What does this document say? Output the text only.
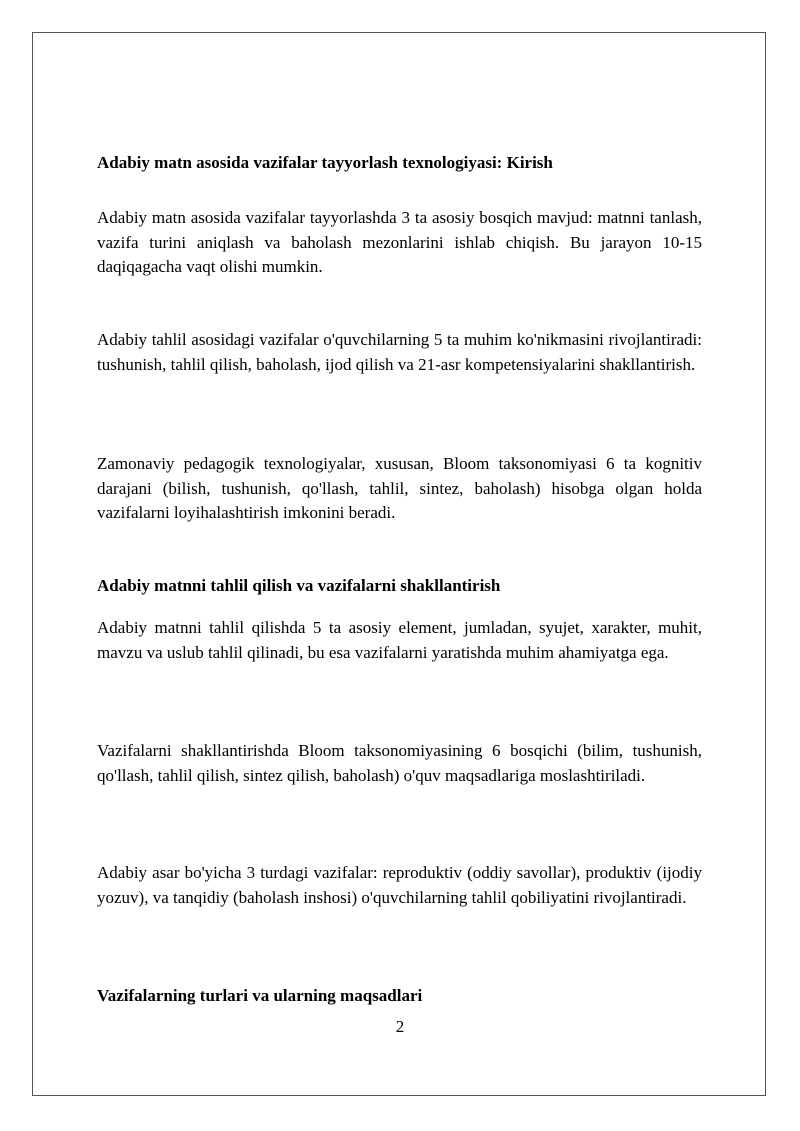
Adabiy matn asosida vazifalar tayyorlash texnologiyasi: Kirish

Adabiy matn asosida vazifalar tayyorlashda 3 ta asosiy bosqich mavjud: matnni tanlash, vazifa turini aniqlash va baholash mezonlarini ishlab chiqish. Bu jarayon 10-15 daqiqagacha vaqt olishi mumkin.

Adabiy tahlil asosidagi vazifalar o'quvchilarning 5 ta muhim ko'nikmasini rivojlantiradi: tushunish, tahlil qilish, baholash, ijod qilish va 21-asr kompetensiyalarini shakllantirish.

Zamonaviy pedagogik texnologiyalar, xususan, Bloom taksonomiyasi 6 ta kognitiv darajani (bilish, tushunish, qo'llash, tahlil, sintez, baholash) hisobga olgan holda vazifalarni loyihalashtirish imkonini beradi.

Adabiy matnni tahlil qilish va vazifalarni shakllantirish

Adabiy matnni tahlil qilishda 5 ta asosiy element, jumladan, syujet, xarakter, muhit, mavzu va uslub tahlil qilinadi, bu esa vazifalarni yaratishda muhim ahamiyatga ega.

Vazifalarni shakllantirishda Bloom taksonomiyasining 6 bosqichi (bilim, tushunish, qo'llash, tahlil qilish, sintez qilish, baholash) o'quv maqsadlariga moslashtiriladi.

Adabiy asar bo'yicha 3 turdagi vazifalar: reproduktiv (oddiy savollar), produktiv (ijodiy yozuv), va tanqidiy (baholash inshosi) o'quvchilarning tahlil qobiliyatini rivojlantiradi.

Vazifalarning turlari va ularning maqsadlari
2
